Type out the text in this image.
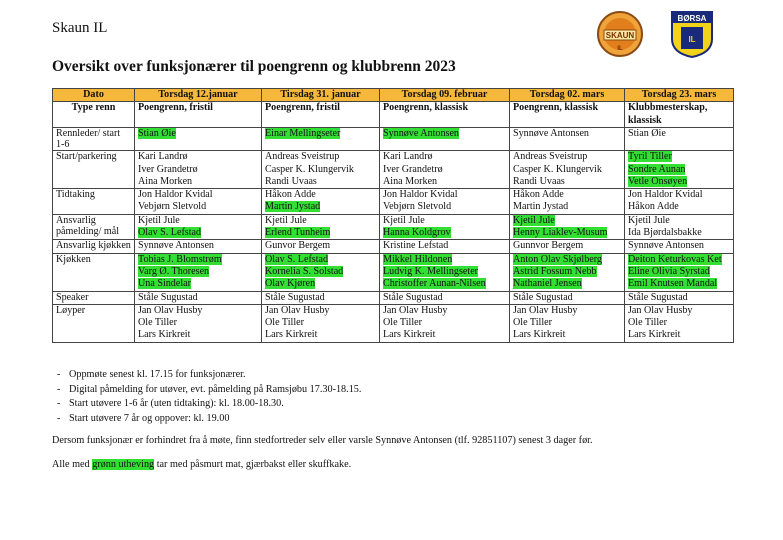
Skaun IL	SKAUN
IL
BØRSA
IL
Oversikt over funksjonærer til poengrenn og klubbrenn 2023
Dato	Torsdag 12.januar	Tirsdag 31. januar	Torsdag 09. februar	Torsdag 02. mars	Torsdag 23. mars
Type renn	Poengrenn, fristil	Poengrenn, fristil	Poengrenn, klassisk	Poengrenn, klassisk	Klubbmesterskap,
klassisk

Rennleder/ start 1-6	Stian Øie	Einar Mellingseter	Synnøve Antonsen	Synnøve Antonsen	Stian Øie

Start/parkering	Kari Landrø
Iver Grandetrø
Aina Morken	Andreas Sveistrup
Casper K. Klungervik
Randi Uvaas	Kari Landrø
Iver Grandetrø
Aina Morken	Andreas Sveistrup
Casper K. Klungervik
Randi Uvaas	Tyril Tiller
Sondre Aunan
Vetle Onsøyen

Tidtaking	Jon Haldor Kvidal
Vebjørn Sletvold	Håkon Adde
Martin Jystad	Jon Haldor Kvidal
Vebjørn Sletvold	Håkon Adde
Martin Jystad	Jon Haldor Kvidal
Håkon Adde

Ansvarlig påmelding/ mål	Kjetil Jule
Olav S. Lefstad	Kjetil Jule
Erlend Tunheim	Kjetil Jule
Hanna Koldgrov	Kjetil Jule
Henny Liaklev-Musum	Kjetil Jule
Ida Bjørdalsbakke

Ansvarlig kjøkken	Synnøve Antonsen	Gunvor Bergem	Kristine Lefstad	Gunnvor Bergem	Synnøve Antonsen

Kjøkken	Tobias J. Blomstrøm
Varg Ø. Thoresen
Una Sindelar	Olav S. Lefstad
Kornelia S. Solstad
Olav Kjøren	Mikkel Hildonen
Ludvig K. Mellingseter
Christoffer Aunan-Nilsen	Anton Olav Skjølberg
Astrid Fossum Nebb
Nathaniel Jensen	Deiton Keturkovas Ket
Eline Olivia Syrstad
Emil Knutsen Mandal

Speaker	Ståle Sugustad	Ståle Sugustad	Ståle Sugustad	Ståle Sugustad	Ståle Sugustad

Løyper	Jan Olav Husby
Ole Tiller
Lars Kirkreit	Jan Olav Husby
Ole Tiller
Lars Kirkreit	Jan Olav Husby
Ole Tiller
Lars Kirkreit	Jan Olav Husby
Ole Tiller
Lars Kirkreit	Jan Olav Husby
Ole Tiller
Lars Kirkreit
- Oppmøte senest kl. 17.15 for funksjonærer.
- Digital påmelding for utøver, evt. påmelding på Ramsjøbu 17.30-18.15.
- Start utøvere 1-6 år (uten tidtaking): kl. 18.00-18.30.
- Start utøvere 7 år og oppover: kl. 19.00
Dersom funksjonær er forhindret fra å møte, finn stedfortreder selv eller varsle Synnøve Antonsen (tlf. 92851107) senest 3 dager før.
Alle med grønn utheving tar med påsmurt mat, gjærbakst eller skuffkake.
